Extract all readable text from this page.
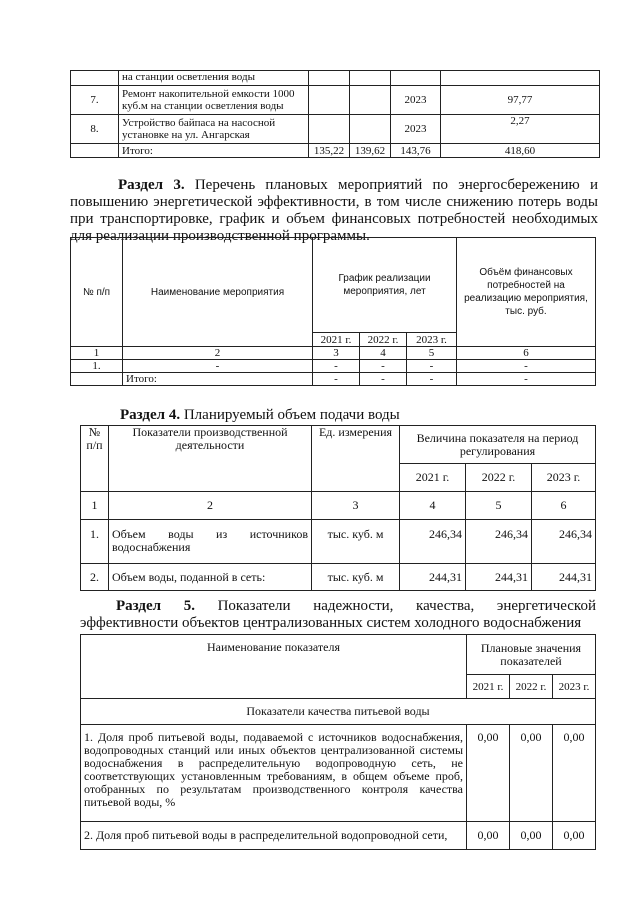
	на станции осветления воды				
7.	Ремонт накопительной емкости 1000 куб.м на станции осветления воды			2023	97,77
8.	Устройство байпаса на насосной установке на ул. Ангарская			2023	2,27
	Итого:	135,22	139,62	143,76	418,60
Раздел 3. Перечень плановых мероприятий по энергосбережению и повышению энергетической эффективности, в том числе снижению потерь воды при транспортировке, график и объем финансовых потребностей необходимых для реализации производственной программы.
№ п/п	Наименование мероприятия	График реализации мероприятия, лет			Объём финансовых потребностей на реализацию мероприятия, тыс. руб.
		2021 г.	2022 г.	2023 г.	
1	2	3	4	5	6
1.	-	-	-	-	-
	Итого:	-	-	-	-
Раздел 4. Планируемый объем подачи воды
№ п/п	Показатели производственной деятельности	Ед. измерения	Величина показателя на период регулирования		
			2021 г.	2022 г.	2023 г.
1	2	3	4	5	6
1.	Объем воды из источников водоснабжения	тыс. куб. м	246,34	246,34	246,34
2.	Объем воды, поданной в сеть:	тыс. куб. м	244,31	244,31	244,31
Раздел 5. Показатели надежности, качества, энергетической эффективности объектов централизованных систем холодного водоснабжения
Наименование показателя	Плановые значения показателей		
	2021 г.	2022 г.	2023 г.
Показатели качества питьевой воды			
1. Доля проб питьевой воды, подаваемой с источников водоснабжения, водопроводных станций или иных объектов централизованной системы водоснабжения в распределительную водопроводную сеть, не соответствующих установленным требованиям, в общем объеме проб, отобранных по результатам производственного контроля качества питьевой воды, %	0,00	0,00	0,00
2. Доля проб питьевой воды в распределительной водопроводной сети,	0,00	0,00	0,00
